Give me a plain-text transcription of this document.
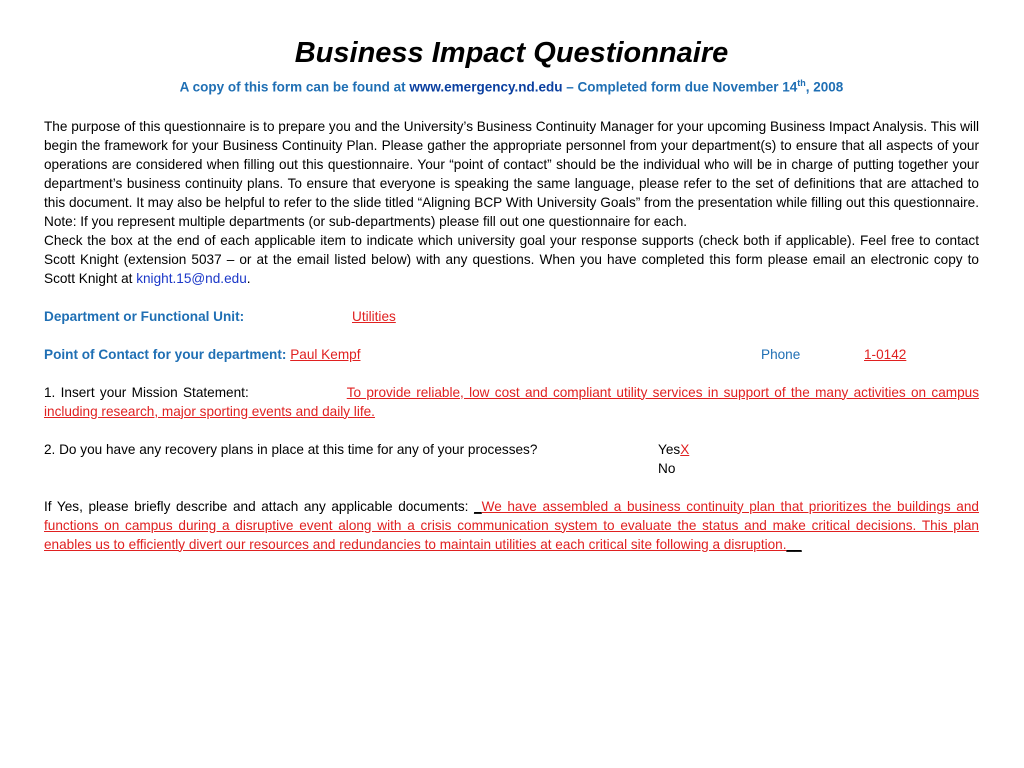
Business Impact Questionnaire
A copy of this form can be found at www.emergency.nd.edu – Completed form due November 14th, 2008
The purpose of this questionnaire is to prepare you and the University’s Business Continuity Manager for your upcoming Business Impact Analysis. This will begin the framework for your Business Continuity Plan. Please gather the appropriate personnel from your department(s) to ensure that all aspects of your operations are considered when filling out this questionnaire. Your “point of contact” should be the individual who will be in charge of putting together your department’s business continuity plans. To ensure that everyone is speaking the same language, please refer to the set of definitions that are attached to this document. It may also be helpful to refer to the slide titled “Aligning BCP With University Goals” from the presentation while filling out this questionnaire. Note: If you represent multiple departments (or sub-departments) please fill out one questionnaire for each.
Check the box at the end of each applicable item to indicate which university goal your response supports (check both if applicable). Feel free to contact Scott Knight (extension 5037 – or at the email listed below) with any questions. When you have completed this form please email an electronic copy to Scott Knight at knight.15@nd.edu.
Department or Functional Unit:	Utilities
Point of Contact for your department: Paul Kempf	Phone	1-0142
1. Insert your Mission Statement:	To provide reliable, low cost and compliant utility services in support of the many activities on campus including research, major sporting events and daily life.
2. Do you have any recovery plans in place at this time for any of your processes?	YesX
No
If Yes, please briefly describe and attach any applicable documents: _We have assembled a business continuity plan that prioritizes the buildings and functions on campus during a disruptive event along with a crisis communication system to evaluate the status and make critical decisions. This plan enables us to efficiently divert our resources and redundancies to maintain utilities at each critical site following a disruption.__
